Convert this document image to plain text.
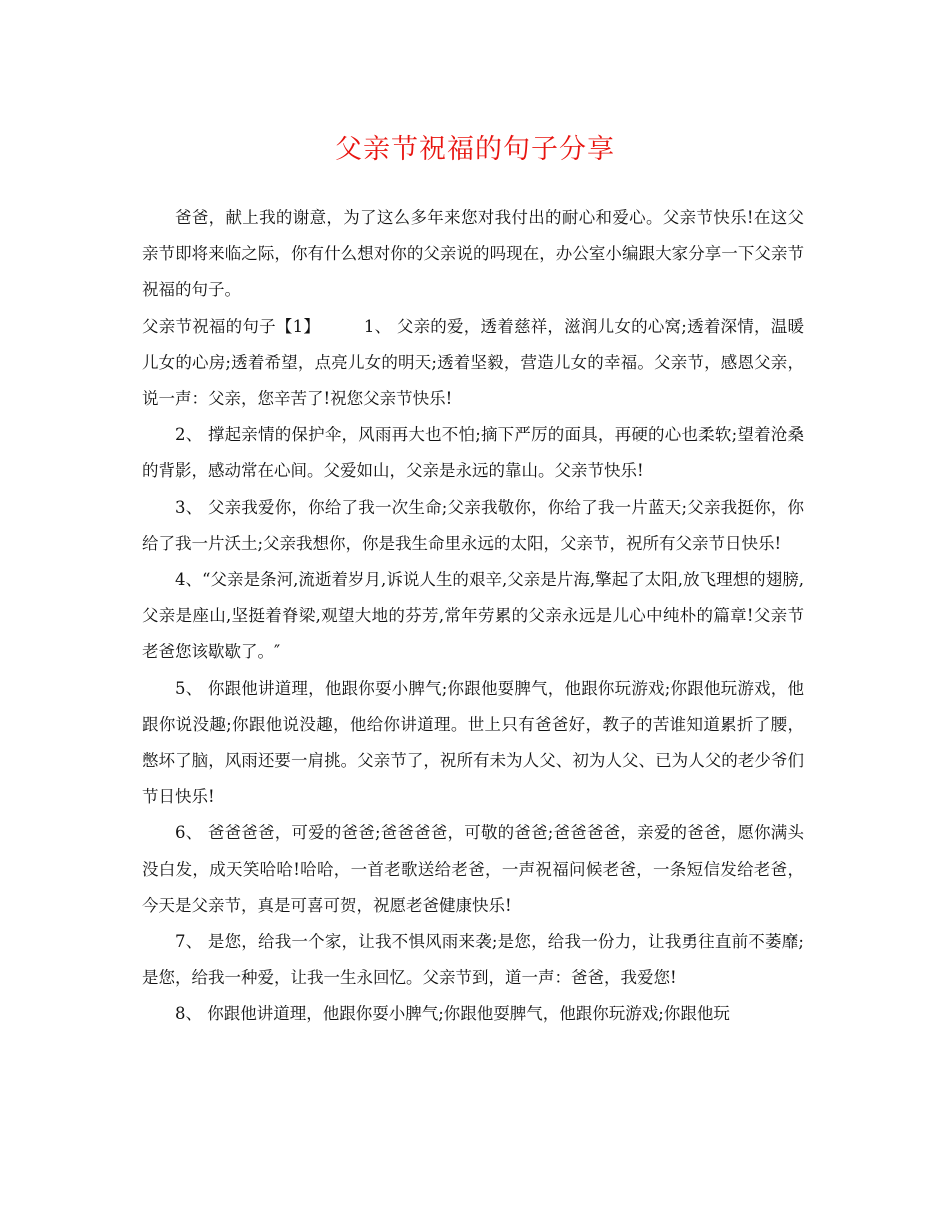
父亲节祝福的句子分享

爸爸，献上我的谢意，为了这么多年来您对我付出的耐心和爱心。父亲节快乐!在这父亲节即将来临之际，你有什么想对你的父亲说的吗现在，办公室小编跟大家分享一下父亲节祝福的句子。

父亲节祝福的句子【1】	1、 父亲的爱，透着慈祥，滋润儿女的心窝;透着深情，温暖儿女的心房;透着希望，点亮儿女的明天;透着坚毅，营造儿女的幸福。父亲节，感恩父亲，说一声：父亲，您辛苦了!祝您父亲节快乐!

2、 撑起亲情的保护伞，风雨再大也不怕;摘下严厉的面具，再硬的心也柔软;望着沧桑的背影，感动常在心间。父爱如山，父亲是永远的靠山。父亲节快乐!

3、 父亲我爱你，你给了我一次生命;父亲我敬你，你给了我一片蓝天;父亲我挺你，你给了我一片沃土;父亲我想你，你是我生命里永远的太阳，父亲节，祝所有父亲节日快乐!

4、“父亲是条河,流逝着岁月,诉说人生的艰辛,父亲是片海,擎起了太阳,放飞理想的翅膀,父亲是座山,坚挺着脊梁,观望大地的芬芳,常年劳累的父亲永远是儿心中纯朴的篇章!父亲节老爸您该歇歇了。″

5、 你跟他讲道理，他跟你耍小脾气;你跟他耍脾气，他跟你玩游戏;你跟他玩游戏，他跟你说没趣;你跟他说没趣，他给你讲道理。世上只有爸爸好，教子的苦谁知道累折了腰，憋坏了脑，风雨还要一肩挑。父亲节了，祝所有未为人父、初为人父、已为人父的老少爷们节日快乐!

6、 爸爸爸爸，可爱的爸爸;爸爸爸爸，可敬的爸爸;爸爸爸爸，亲爱的爸爸，愿你满头没白发，成天笑哈哈!哈哈，一首老歌送给老爸，一声祝福问候老爸，一条短信发给老爸，今天是父亲节，真是可喜可贺，祝愿老爸健康快乐!

7、 是您，给我一个家，让我不惧风雨来袭;是您，给我一份力，让我勇往直前不萎靡;是您，给我一种爱，让我一生永回忆。父亲节到，道一声：爸爸，我爱您!

8、 你跟他讲道理，他跟你耍小脾气;你跟他耍脾气，他跟你玩游戏;你跟他玩
